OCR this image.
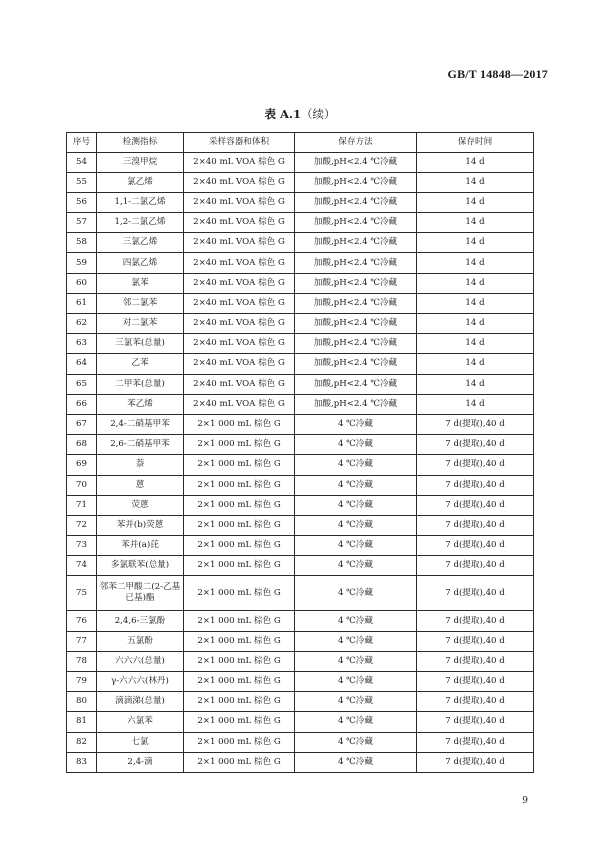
GB/T 14848—2017
表 A.1（续）
序号	检测指标	采样容器和体积	保存方法	保存时间
54	三溴甲烷	2×40 mL VOA 棕色 G	加酸,pH<2.4 ℃冷藏	14 d
55	氯乙烯	2×40 mL VOA 棕色 G	加酸,pH<2.4 ℃冷藏	14 d
56	1,1-二氯乙烯	2×40 mL VOA 棕色 G	加酸,pH<2.4 ℃冷藏	14 d
57	1,2-二氯乙烯	2×40 mL VOA 棕色 G	加酸,pH<2.4 ℃冷藏	14 d
58	三氯乙烯	2×40 mL VOA 棕色 G	加酸,pH<2.4 ℃冷藏	14 d
59	四氯乙烯	2×40 mL VOA 棕色 G	加酸,pH<2.4 ℃冷藏	14 d
60	氯苯	2×40 mL VOA 棕色 G	加酸,pH<2.4 ℃冷藏	14 d
61	邻二氯苯	2×40 mL VOA 棕色 G	加酸,pH<2.4 ℃冷藏	14 d
62	对二氯苯	2×40 mL VOA 棕色 G	加酸,pH<2.4 ℃冷藏	14 d
63	三氯苯(总量)	2×40 mL VOA 棕色 G	加酸,pH<2.4 ℃冷藏	14 d
64	乙苯	2×40 mL VOA 棕色 G	加酸,pH<2.4 ℃冷藏	14 d
65	二甲苯(总量)	2×40 mL VOA 棕色 G	加酸,pH<2.4 ℃冷藏	14 d
66	苯乙烯	2×40 mL VOA 棕色 G	加酸,pH<2.4 ℃冷藏	14 d
67	2,4-二硝基甲苯	2×1 000 mL 棕色 G	4 ℃冷藏	7 d(提取),40 d
68	2,6-二硝基甲苯	2×1 000 mL 棕色 G	4 ℃冷藏	7 d(提取),40 d
69	萘	2×1 000 mL 棕色 G	4 ℃冷藏	7 d(提取),40 d
70	蒽	2×1 000 mL 棕色 G	4 ℃冷藏	7 d(提取),40 d
71	荧蒽	2×1 000 mL 棕色 G	4 ℃冷藏	7 d(提取),40 d
72	苯并(b)荧蒽	2×1 000 mL 棕色 G	4 ℃冷藏	7 d(提取),40 d
73	苯并(a)芘	2×1 000 mL 棕色 G	4 ℃冷藏	7 d(提取),40 d
74	多氯联苯(总量)	2×1 000 mL 棕色 G	4 ℃冷藏	7 d(提取),40 d
75	邻苯二甲酸二(2-乙基已基)酯	2×1 000 mL 棕色 G	4 ℃冷藏	7 d(提取),40 d
76	2,4,6-三氯酚	2×1 000 mL 棕色 G	4 ℃冷藏	7 d(提取),40 d
77	五氯酚	2×1 000 mL 棕色 G	4 ℃冷藏	7 d(提取),40 d
78	六六六(总量)	2×1 000 mL 棕色 G	4 ℃冷藏	7 d(提取),40 d
79	γ-六六六(林丹)	2×1 000 mL 棕色 G	4 ℃冷藏	7 d(提取),40 d
80	滴滴涕(总量)	2×1 000 mL 棕色 G	4 ℃冷藏	7 d(提取),40 d
81	六氯苯	2×1 000 mL 棕色 G	4 ℃冷藏	7 d(提取),40 d
82	七氯	2×1 000 mL 棕色 G	4 ℃冷藏	7 d(提取),40 d
83	2,4-滴	2×1 000 mL 棕色 G	4 ℃冷藏	7 d(提取),40 d
9
